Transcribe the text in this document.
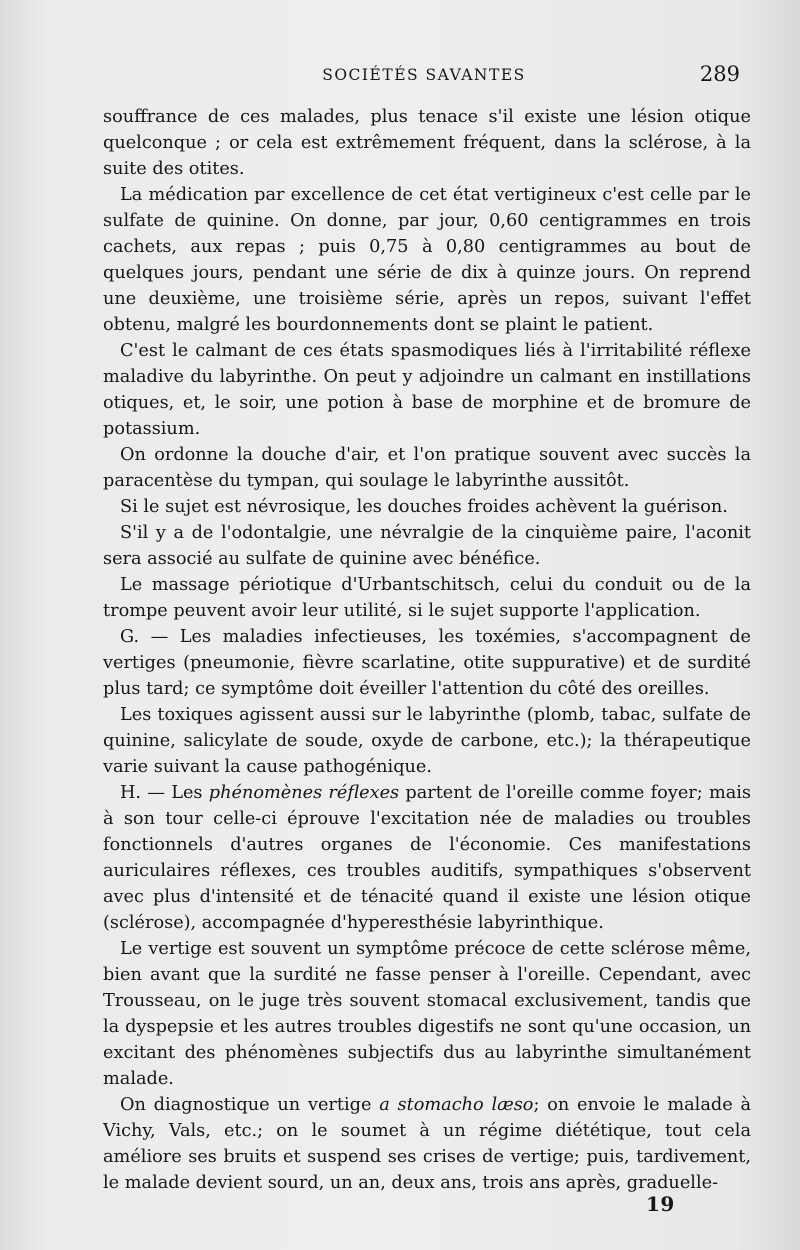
SOCIÉTÉS SAVANTES	289

souffrance de ces malades, plus tenace s'il existe une lésion otique quelconque ; or cela est extrêmement fréquent, dans la sclérose, à la suite des otites.

La médication par excellence de cet état vertigineux c'est celle par le sulfate de quinine. On donne, par jour, 0,60 centigrammes en trois cachets, aux repas ; puis 0,75 à 0,80 centigrammes au bout de quelques jours, pendant une série de dix à quinze jours. On reprend une deuxième, une troisième série, après un repos, suivant l'effet obtenu, malgré les bourdonnements dont se plaint le patient.

C'est le calmant de ces états spasmodiques liés à l'irritabilité réflexe maladive du labyrinthe. On peut y adjoindre un calmant en instillations otiques, et, le soir, une potion à base de morphine et de bromure de potassium.

On ordonne la douche d'air, et l'on pratique souvent avec succès la paracentèse du tympan, qui soulage le labyrinthe aussitôt.

Si le sujet est névrosique, les douches froides achèvent la guérison.

S'il y a de l'odontalgie, une névralgie de la cinquième paire, l'aconit sera associé au sulfate de quinine avec bénéfice.

Le massage périotique d'Urbantschitsch, celui du conduit ou de la trompe peuvent avoir leur utilité, si le sujet supporte l'application.

G. — Les maladies infectieuses, les toxémies, s'accompagnent de vertiges (pneumonie, fièvre scarlatine, otite suppurative) et de surdité plus tard; ce symptôme doit éveiller l'attention du côté des oreilles.

Les toxiques agissent aussi sur le labyrinthe (plomb, tabac, sulfate de quinine, salicylate de soude, oxyde de carbone, etc.); la thérapeutique varie suivant la cause pathogénique.

H. — Les phénomènes réflexes partent de l'oreille comme foyer; mais à son tour celle-ci éprouve l'excitation née de maladies ou troubles fonctionnels d'autres organes de l'économie. Ces manifestations auriculaires réflexes, ces troubles auditifs, sympathiques s'observent avec plus d'intensité et de ténacité quand il existe une lésion otique (sclérose), accompagnée d'hyperesthésie labyrinthique.

Le vertige est souvent un symptôme précoce de cette sclérose même, bien avant que la surdité ne fasse penser à l'oreille. Cependant, avec Trousseau, on le juge très souvent stomacal exclusivement, tandis que la dyspepsie et les autres troubles digestifs ne sont qu'une occasion, un excitant des phénomènes subjectifs dus au labyrinthe simultanément malade.

On diagnostique un vertige a stomacho læso; on envoie le malade à Vichy, Vals, etc.; on le soumet à un régime diététique, tout cela améliore ses bruits et suspend ses crises de vertige; puis, tardivement, le malade devient sourd, un an, deux ans, trois ans après, graduelle-

19
